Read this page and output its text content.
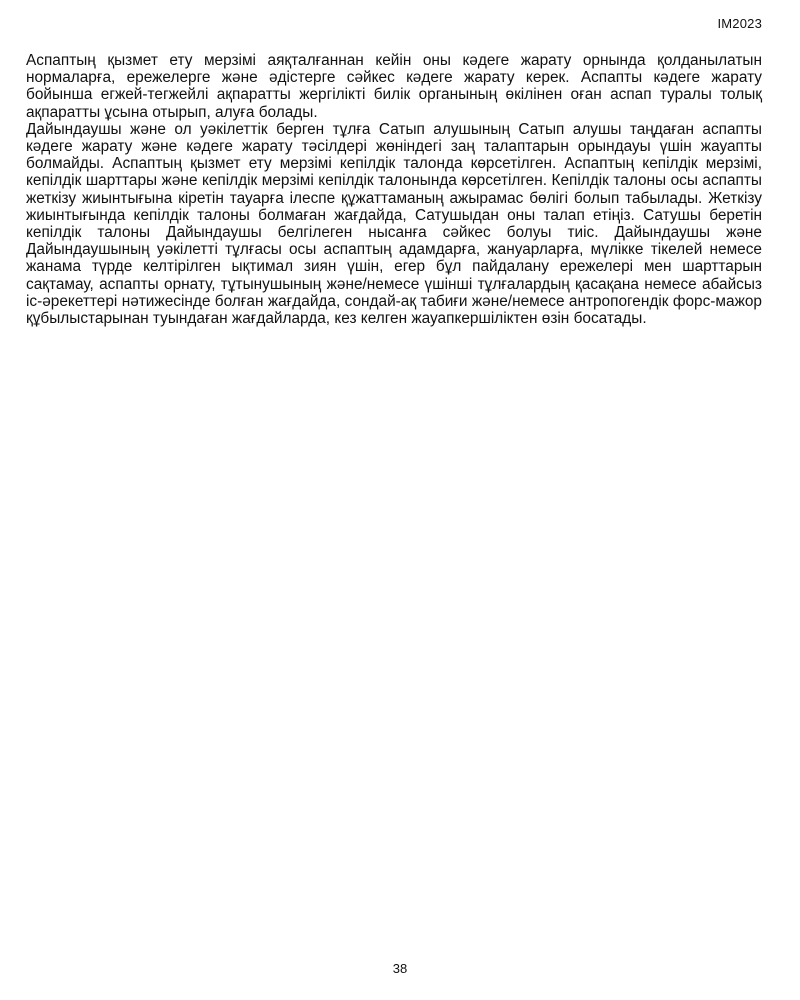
IM2023

Аспаптың қызмет ету мерзімі аяқталғаннан кейін оны кәдеге жарату орнында қолданылатын нормаларға, ережелерге және әдістерге сәйкес кәдеге жарату керек. Аспапты кәдеге жарату бойынша егжей-тегжейлі ақпаратты жергілікті билік органының өкілінен оған аспап туралы толық ақпаратты ұсына отырып, алуға болады.

Дайындаушы және ол уәкілеттік берген тұлға Сатып алушының Сатып алушы таңдаған аспапты кәдеге жарату және кәдеге жарату тәсілдері жөніндегі заң талаптарын орындауы үшін жауапты болмайды. Аспаптың қызмет ету мерзімі кепілдік талонда көрсетілген. Аспаптың кепілдік мерзімі, кепілдік шарттары және кепілдік мерзімі кепілдік талонында көрсетілген. Кепілдік талоны осы аспапты жеткізу жиынтығына кіретін тауарға ілеспе құжаттаманың ажырамас бөлігі болып табылады. Жеткізу жиынтығында кепілдік талоны болмаған жағдайда, Сатушыдан оны талап етіңіз. Сатушы беретін кепілдік талоны Дайындаушы белгілеген нысанға сәйкес болуы тиіс. Дайындаушы және Дайындаушының уәкілетті тұлғасы осы аспаптың адамдарға, жануарларға, мүлікке тікелей немесе жанама түрде келтірілген ықтимал зиян үшін, егер бұл пайдалану ережелері мен шарттарын сақтамау, аспапты орнату, тұтынушының және/немесе үшінші тұлғалардың қасақана немесе абайсыз іс-әрекеттері нәтижесінде болған жағдайда, сондай-ақ табиғи және/немесе антропогендік форс-мажор құбылыстарынан туындаған жағдайларда, кез келген жауапкершіліктен өзін босатады.

38
